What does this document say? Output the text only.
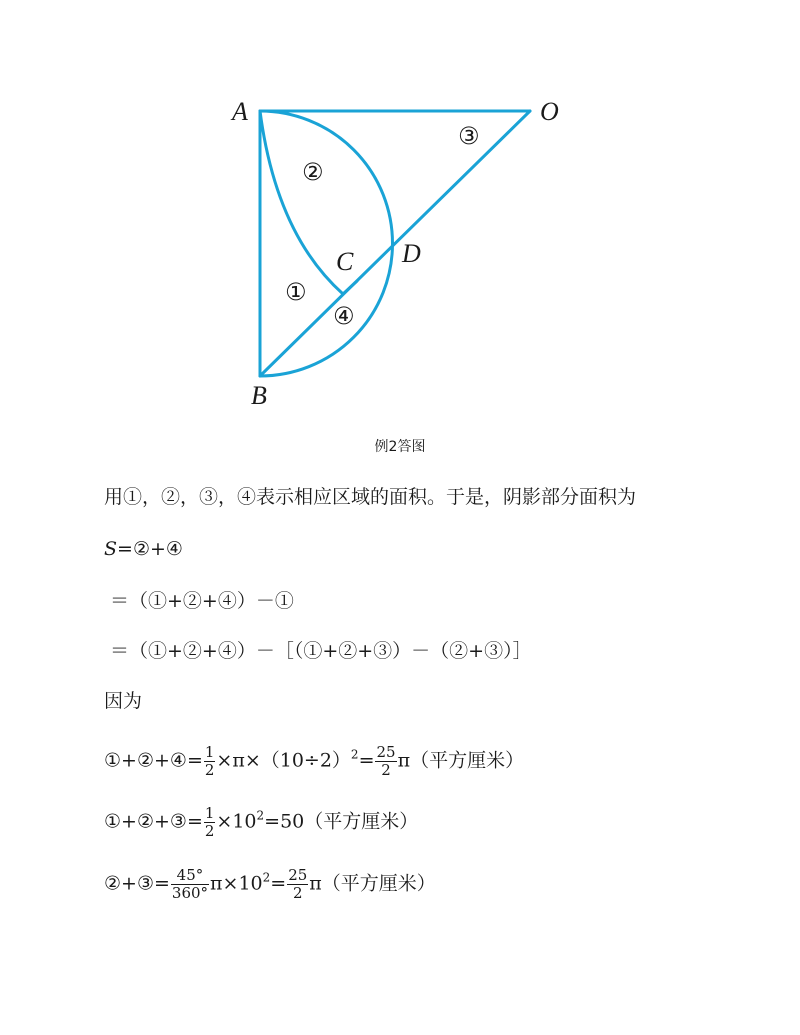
A	O
B
C D
①
②
③
④
例2答图
用①，②，③，④表示相应区域的面积。于是，阴影部分面积为
S=②+④
＝（①+②+④）－①
＝（①+②+④）－［（①+②+③）－（②+③）］
因为
①+②+④= $\frac{1}{2} \times\pi\times(10\div 2)^2= \frac{25}{2} \pi$（平方厘米）
①+②+③= $\frac{1}{2} \times 10^2=50$（平方厘米）
②+③= $\frac{45^\circ}{360^\circ} \pi\times 10^2= \frac{25}{2} \pi$（平方厘米）
